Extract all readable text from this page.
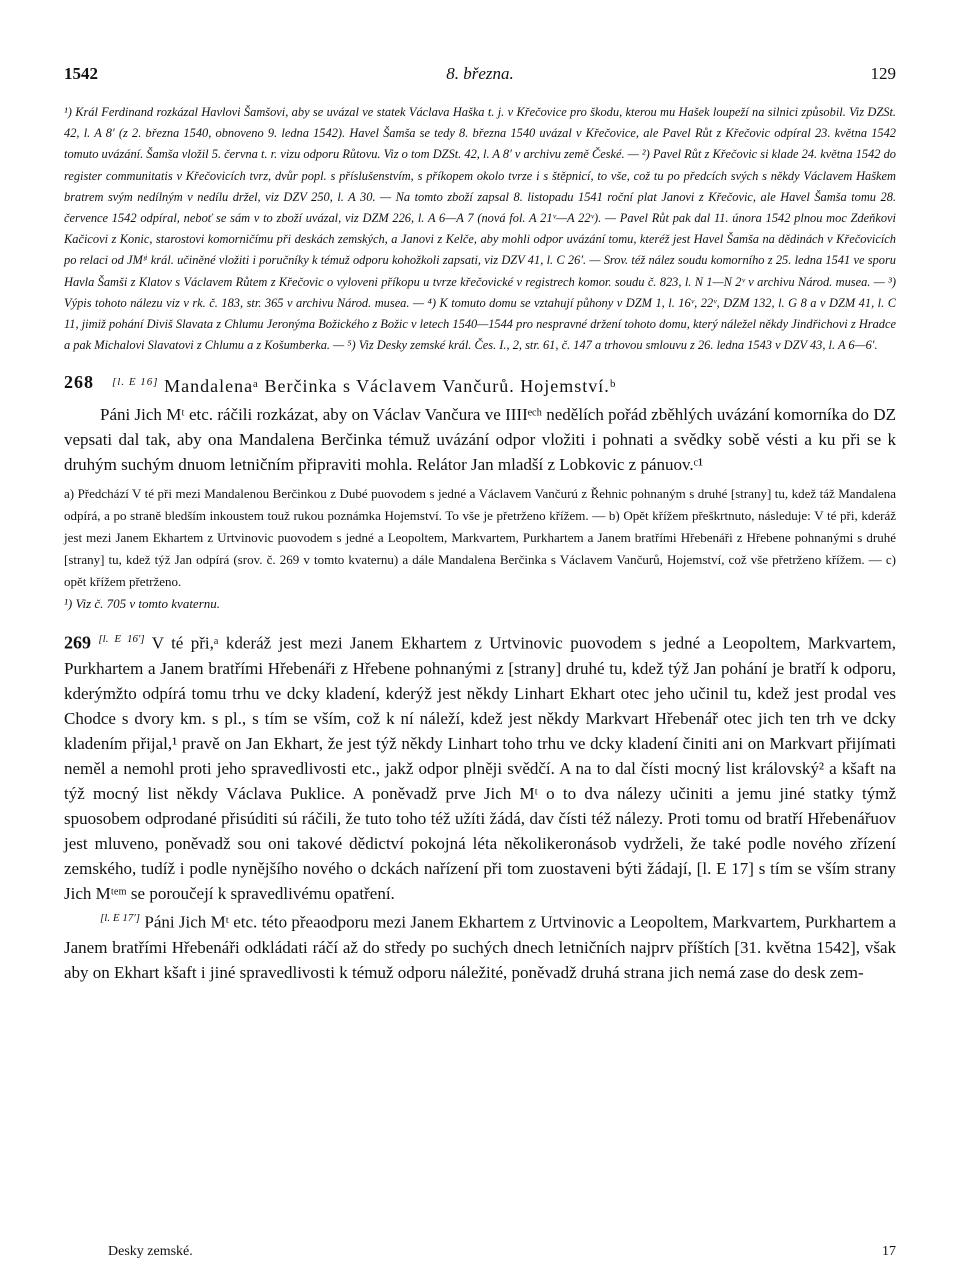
1542	8. března.	129

¹) Král Ferdinand rozkázal Havlovi Šamšovi, aby se uvázal ve statek Václava Haška t. j. v Křečovice pro škodu, kterou mu Hašek loupeží na silnici způsobil. Viz DZSt. 42, l. A 8′ (z 2. března 1540, obnoveno 9. ledna 1542). Havel Šamša se tedy 8. března 1540 uvázal v Křečovice, ale Pavel Růt z Křečovic odpíral 23. května 1542 tomuto uvázání. Šamša vložil 5. června t. r. vizu odporu Růtovu. Viz o tom DZSt. 42, l. A 8′ v archivu země České. — ²) Pavel Růt z Křečovic si klade 24. května 1542 do register communitatis v Křečovicích tvrz, dvůr popl. s příslušenstvím, s příkopem okolo tvrze i s štěpnicí, to vše, což tu po předcích svých s někdy Václavem Haškem bratrem svým nedílným v nedílu držel, viz DZV 250, l. A 30. — Na tomto zboží zapsal 8. listopadu 1541 roční plat Janovi z Křečovic, ale Havel Šamša tomu 28. července 1542 odpíral, neboť se sám v to zboží uvázal, viz DZM 226, l. A 6—A 7 (nová fol. A 21ᵛ—A 22ᵛ). — Pavel Růt pak dal 11. února 1542 plnou moc Zdeňkovi Kačicovi z Konic, starostovi komorničímu při deskách zemských, a Janovi z Kelče, aby mohli odpor uvázání tomu, kteréž jest Havel Šamša na dědinách v Křečovicích po relaci od JMᵗⁱ král. učiněné vložiti i poručníky k témuž odporu kohožkoli zapsati, viz DZV 41, l. C 26′. — Srov. též nález soudu komorního z 25. ledna 1541 ve sporu Havla Šamši z Klatov s Václavem Růtem z Křečovic o vyloveni příkopu u tvrze křečovické v registrech komor. soudu č. 823, l. N 1—N 2ᵛ v archivu Národ. musea. — ³) Výpis tohoto nálezu viz v rk. č. 183, str. 365 v archivu Národ. musea. — ⁴) K tomuto domu se vztahují půhony v DZM 1, l. 16ᵛ, 22ᵛ, DZM 132, l. G 8 a v DZM 41, l. C 11, jimiž pohání Diviš Slavata z Chlumu Jeronýma Božického z Božic v letech 1540—1544 pro nespravné držení tohoto domu, který náležel někdy Jindřichovi z Hradce a pak Michalovi Slavatovi z Chlumu a z Košumberka. — ⁵) Viz Desky zemské král. Čes. I., 2, str. 61, č. 147 a trhovou smlouvu z 26. ledna 1543 v DZV 43, l. A 6—6′.

268 [l. E 16] Mandalenaᵃ Berčinka s Václavem Vančurů. Hojemství.ᵇ
Páni Jich Mᵗ etc. ráčili rozkázat, aby on Václav Vančura ve IIIIᵉᶜʰ nedělích pořád zběhlých uvázání komorníka do DZ vepsati dal tak, aby ona Mandalena Berčinka témuž uvázání odpor vložiti i pohnati a svědky sobě vésti a ku při se k druhým suchým dnuom letničním připraviti mohla. Relátor Jan mladší z Lobkovic z pánuov.ᶜ¹
a) Předchází V té při mezi Mandalenou Berčinkou z Dubé puovodem s jedné a Václavem Vančurú z Řehnic pohnaným s druhé [strany] tu, kdež táž Mandalena odpírá, a po straně bledším inkoustem touž rukou poznámka Hojemství. To vše je přetrženo křížem. — b) Opět křížem přeškrtnuto, následuje: V té při, kderáž jest mezi Janem Ekhartem z Urtvinovic puovodem s jedné a Leopoltem, Markvartem, Purkhartem a Janem bratřími Hřebenáři z Hřebene pohnanými s druhé [strany] tu, kdež týž Jan odpírá (srov. č. 269 v tomto kvaternu) a dále Mandalena Berčinka s Václavem Vančurů, Hojemství, což vše přetrženo křížem. — c) opět křížem přetrženo.
¹) Viz č. 705 v tomto kvaternu.
269 [l. E 16′] V té při,ᵃ kderáž jest mezi Janem Ekhartem z Urtvinovic puovodem s jedné a Leopoltem, Markvartem, Purkhartem a Janem bratřími Hřebenáři z Hřebene pohnanými z [strany] druhé tu, kdež týž Jan pohání je bratří k odporu, kderýmžto odpírá tomu trhu ve dcky kladení, kderýž jest někdy Linhart Ekhart otec jeho učinil tu, kdež jest prodal ves Chodce s dvory km. s pl., s tím se vším, což k ní náleží, kdež jest někdy Markvart Hřebenář otec jich ten trh ve dcky kladením přijal,¹ pravě on Jan Ekhart, že jest týž někdy Linhart toho trhu ve dcky kladení činiti ani on Markvart přijímati neměl a nemohl proti jeho spravedlivosti etc., jakž odpor plněji svědčí. A na to dal čísti mocný list královský² a kšaft na týž mocný list někdy Václava Puklice. A poněvadž prve Jich Mᵗ o to dva nálezy učiniti a jemu jiné statky týmž spuosobem odprodané přisúditi sú ráčili, že tuto toho též užíti žádá, dav čísti též nálezy. Proti tomu od bratří Hřebenářuov jest mluveno, poněvadž sou oni takové dědictví pokojná léta několikeronásob vydrželi, že také podle nového zřízení zemského, tudíž i podle nynějšího nového o dckách nařízení při tom zuostaveni býti žádají, [l. E 17] s tím se vším strany Jich Mᵗᵉᵐ se poroučejí k spravedlivému opatření.
[l. E 17′] Páni Jich Mᵗ etc. této přeaodporu mezi Janem Ekhartem z Urtvinovic a Leopoltem, Markvartem, Purkhartem a Janem bratřími Hřebenáři odkládati ráčí až do středy po suchých dnech letničních najprv příštích [31. května 1542], však aby on Ekhart kšaft i jiné spravedlivosti k témuž odporu náležité, poněvadž druhá strana jich nemá zase do desk zem-
Desky zemské.	17
